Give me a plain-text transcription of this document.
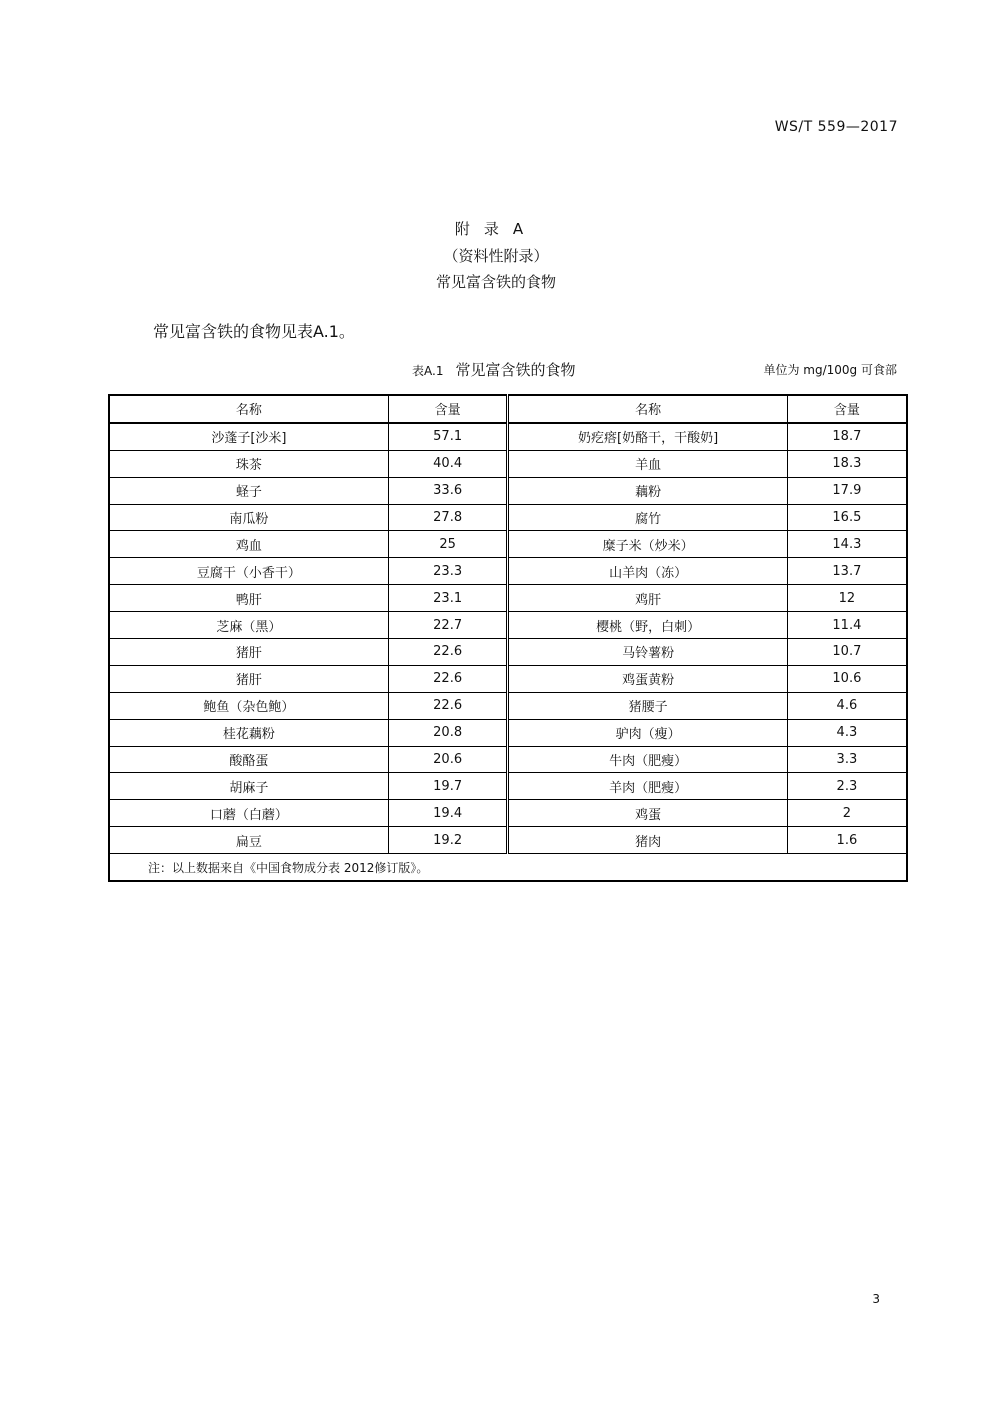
WS/T 559—2017
附录A
（资料性附录）
常见富含铁的食物
常见富含铁的食物见表A.1。
表A.1 常见富含铁的食物	单位为 mg/100g 可食部
名称	含量	名称	含量
沙蓬子[沙米]	57.1	奶疙瘩[奶酪干，干酸奶]	18.7
珠茶	40.4	羊血	18.3
蛏子	33.6	藕粉	17.9
南瓜粉	27.8	腐竹	16.5
鸡血	25	糜子米（炒米）	14.3
豆腐干（小香干）	23.3	山羊肉（冻）	13.7
鸭肝	23.1	鸡肝	12
芝麻（黑）	22.7	樱桃（野，白刺）	11.4
猪肝	22.6	马铃薯粉	10.7
猪肝	22.6	鸡蛋黄粉	10.6
鲍鱼（杂色鲍）	22.6	猪腰子	4.6
桂花藕粉	20.8	驴肉（瘦）	4.3
酸酪蛋	20.6	牛肉（肥瘦）	3.3
胡麻子	19.7	羊肉（肥瘦）	2.3
口蘑（白蘑）	19.4	鸡蛋	2
扁豆	19.2	猪肉	1.6
注：以上数据来自《中国食物成分表 2012修订版》。			
3
